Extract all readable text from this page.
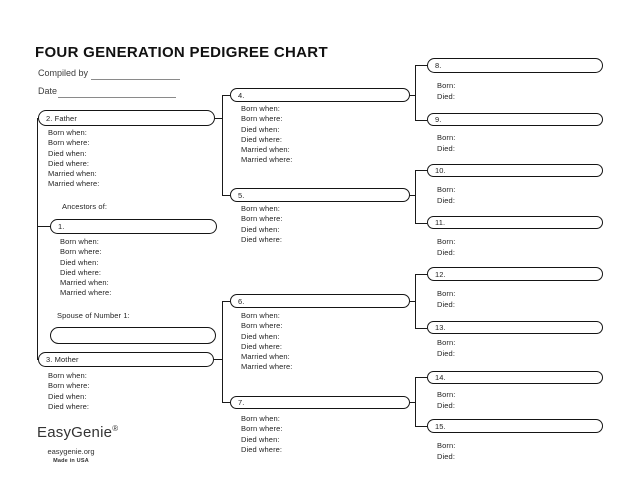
FOUR GENERATION PEDIGREE CHART
Compiled by
Date
2. Father
Born when:
Born where:
Died when:
Died where:
Married when:
Married where:
Ancestors of:
1.
Born when:
Born where:
Died when:
Died where:
Married when:
Married where:
Spouse of Number 1:
3. Mother
Born when:
Born where:
Died when:
Died where:
4.
Born when:
Born where:
Died when:
Died where:
Married when:
Married where:
5.
Born when:
Born where:
Died when:
Died where:
6.
Born when:
Born where:
Died when:
Died where:
Married when:
Married where:
7.
Born when:
Born where:
Died when:
Died where:
8.
Born:
Died:
9.
Born:
Died:
10.
Born:
Died:
11.
Born:
Died:
12.
Born:
Died:
13.
Born:
Died:
14.
Born:
Died:
15.
Born:
Died:
EasyGenie®
easygenie.org
Made in USA
